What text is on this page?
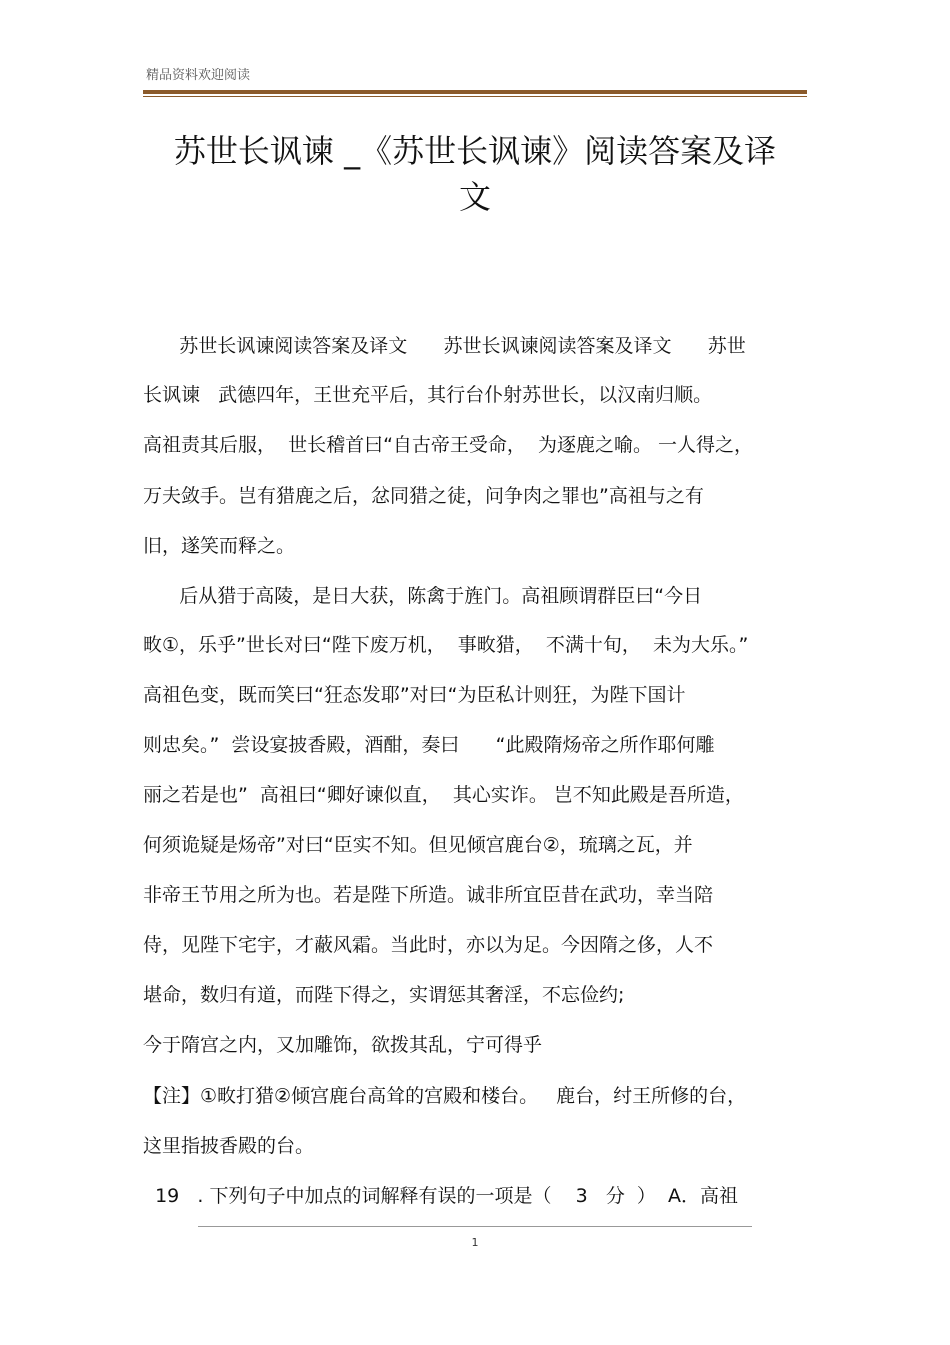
精品资料欢迎阅读
苏世长讽谏 _《苏世长讽谏》阅读答案及译
文

苏世长讽谏阅读答案及译文      苏世长讽谏阅读答案及译文      苏世

长讽谏   武德四年，王世充平后，其行台仆射苏世长，以汉南归顺。

高祖责其后服，  世长稽首曰“自古帝王受命，  为逐鹿之喻。 一人得之，

万夫敛手。岂有猎鹿之后，忿同猎之徒，问争肉之罪也”高祖与之有

旧，遂笑而释之。

后从猎于高陵，是日大获，陈禽于旌门。高祖顾谓群臣曰“今日

畋①，乐乎”世长对曰“陛下废万机，  事畋猎，  不满十旬，  未为大乐。”

高祖色变，既而笑曰“狂态发耶”对曰“为臣私计则狂，为陛下国计

则忠矣。”  尝设宴披香殿，酒酣，奏曰      “此殿隋炀帝之所作耶何雕

丽之若是也”  高祖曰“卿好谏似直，  其心实诈。 岂不知此殿是吾所造，

何须诡疑是炀帝”对曰“臣实不知。但见倾宫鹿台②，琉璃之瓦，并

非帝王节用之所为也。若是陛下所造。诚非所宜臣昔在武功，幸当陪

侍，见陛下宅宇，才蔽风霜。当此时，亦以为足。今因隋之侈，人不

堪命，数归有道，而陛下得之，实谓惩其奢淫，不忘俭约;

今于隋宫之内，又加雕饰，欲拨其乱，宁可得乎

【注】①畋打猎②倾宫鹿台高耸的宫殿和楼台。   鹿台，纣王所修的台，

这里指披香殿的台。

19   . 下列句子中加点的词解释有误的一项是（    3   分  ）  A．高祖

1
